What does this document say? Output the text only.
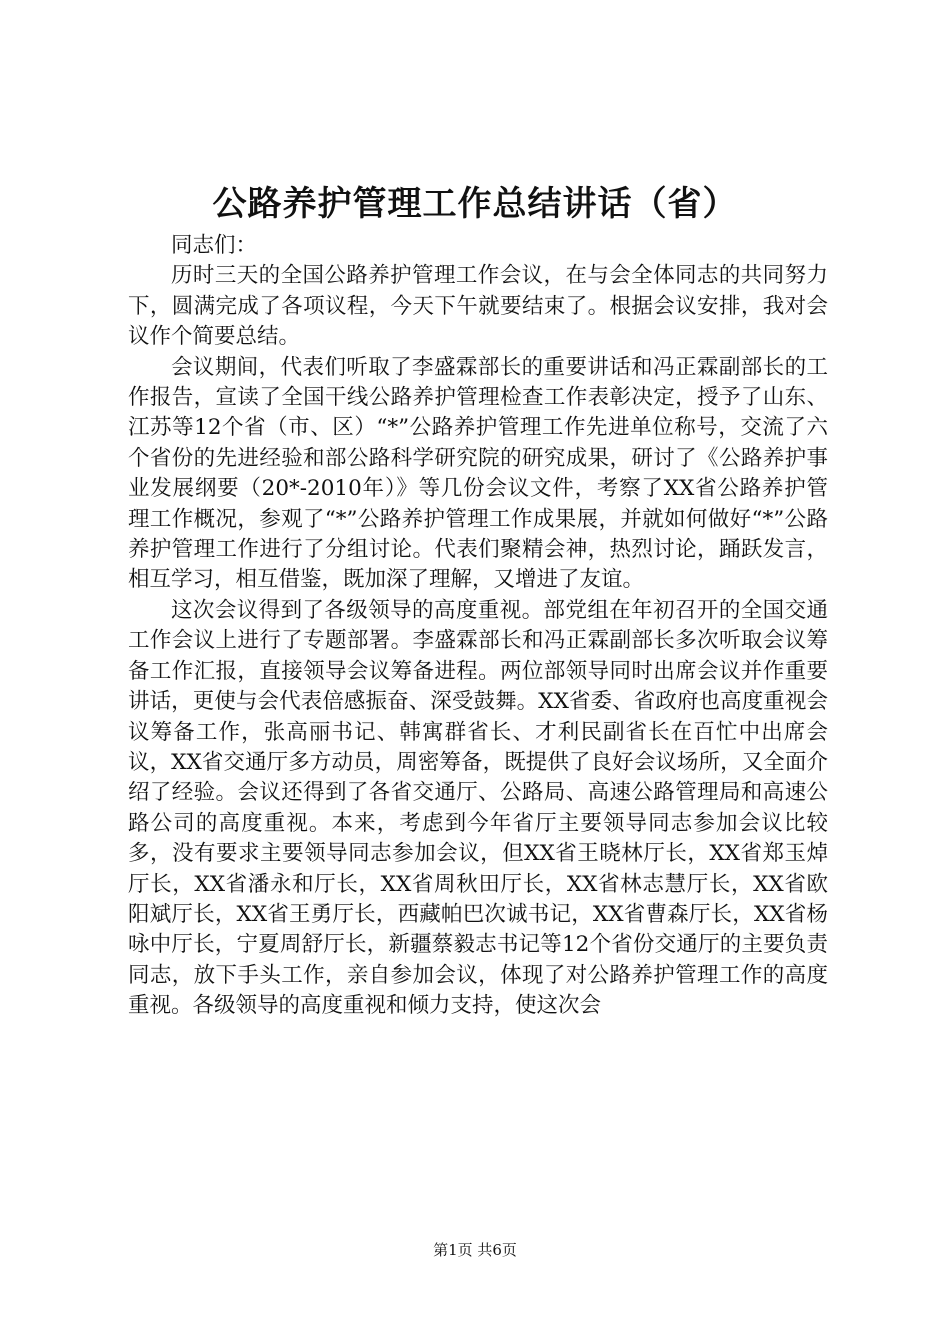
公路养护管理工作总结讲话（省）

同志们：

历时三天的全国公路养护管理工作会议，在与会全体同志的共同努力下，圆满完成了各项议程，今天下午就要结束了。根据会议安排，我对会议作个简要总结。

会议期间，代表们听取了李盛霖部长的重要讲话和冯正霖副部长的工作报告，宣读了全国干线公路养护管理检查工作表彰决定，授予了山东、江苏等12个省（市、区）“*”公路养护管理工作先进单位称号，交流了六个省份的先进经验和部公路科学研究院的研究成果，研讨了《公路养护事业发展纲要（20*-2010年）》等几份会议文件，考察了XX省公路养护管理工作概况，参观了“*”公路养护管理工作成果展，并就如何做好“*”公路养护管理工作进行了分组讨论。代表们聚精会神，热烈讨论，踊跃发言，相互学习，相互借鉴，既加深了理解，又增进了友谊。

这次会议得到了各级领导的高度重视。部党组在年初召开的全国交通工作会议上进行了专题部署。李盛霖部长和冯正霖副部长多次听取会议筹备工作汇报，直接领导会议筹备进程。两位部领导同时出席会议并作重要讲话，更使与会代表倍感振奋、深受鼓舞。XX省委、省政府也高度重视会议筹备工作，张高丽书记、韩寓群省长、才利民副省长在百忙中出席会议，XX省交通厅多方动员，周密筹备，既提供了良好会议场所，又全面介绍了经验。会议还得到了各省交通厅、公路局、高速公路管理局和高速公路公司的高度重视。本来，考虑到今年省厅主要领导同志参加会议比较多，没有要求主要领导同志参加会议，但XX省王晓林厅长，XX省郑玉焯厅长，XX省潘永和厅长，XX省周秋田厅长，XX省林志慧厅长，XX省欧阳斌厅长，XX省王勇厅长，西藏帕巴次诚书记，XX省曹森厅长，XX省杨咏中厅长，宁夏周舒厅长，新疆蔡毅志书记等12个省份交通厅的主要负责同志，放下手头工作，亲自参加会议，体现了对公路养护管理工作的高度重视。各级领导的高度重视和倾力支持，使这次会

第1页 共6页
